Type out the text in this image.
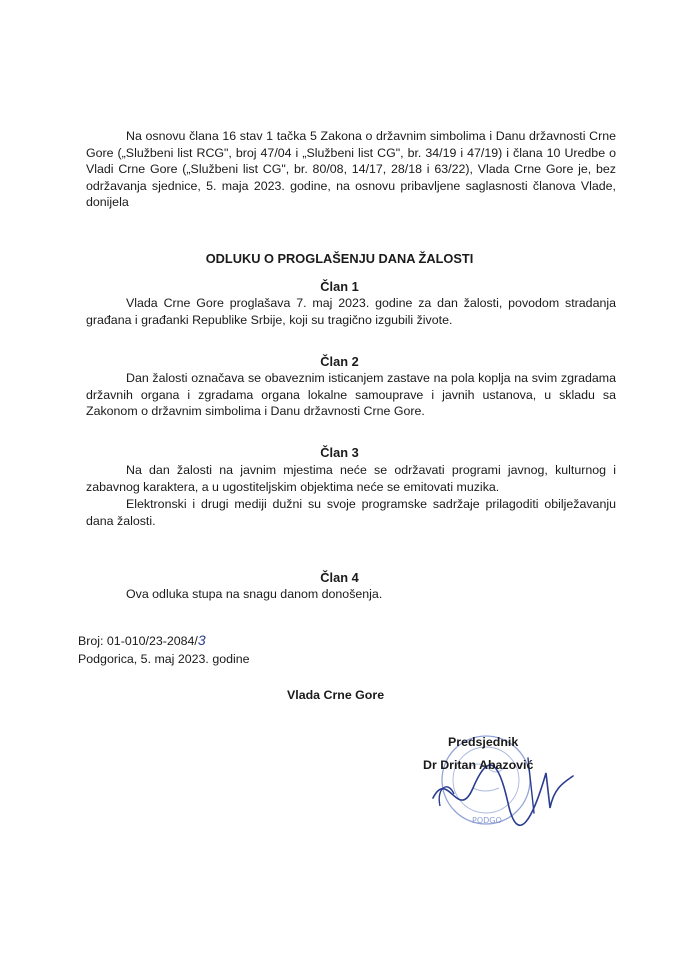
Na osnovu člana 16 stav 1 tačka 5 Zakona o državnim simbolima i Danu državnosti Crne Gore („Službeni list RCG", broj 47/04 i „Službeni list CG", br. 34/19 i 47/19) i člana 10 Uredbe o Vladi Crne Gore („Službeni list CG", br. 80/08, 14/17, 28/18 i 63/22), Vlada Crne Gore je, bez održavanja sjednice, 5. maja 2023. godine, na osnovu pribavljene saglasnosti članova Vlade, donijela
ODLUKU O PROGLAŠENJU DANA ŽALOSTI
Član 1
Vlada Crne Gore proglašava 7. maj 2023. godine za dan žalosti, povodom stradanja građana i građanki Republike Srbije, koji su tragično izgubili živote.
Član 2
Dan žalosti označava se obaveznim isticanjem zastave na pola koplja na svim zgradama državnih organa i zgradama organa lokalne samouprave i javnih ustanova, u skladu sa Zakonom o državnim simbolima i Danu državnosti Crne Gore.
Član 3
Na dan žalosti na javnim mjestima neće se održavati programi javnog, kulturnog i zabavnog karaktera, a u ugostiteljskim objektima neće se emitovati muzika.
Elektronski i drugi mediji dužni su svoje programske sadržaje prilagoditi obilježavanju dana žalosti.
Član 4
Ova odluka stupa na snagu danom donošenja.
Broj: 01-010/23-2084/3
Podgorica, 5. maj 2023. godine
Vlada Crne Gore
PODGO
Predsjednik
Dr Dritan Abazović
